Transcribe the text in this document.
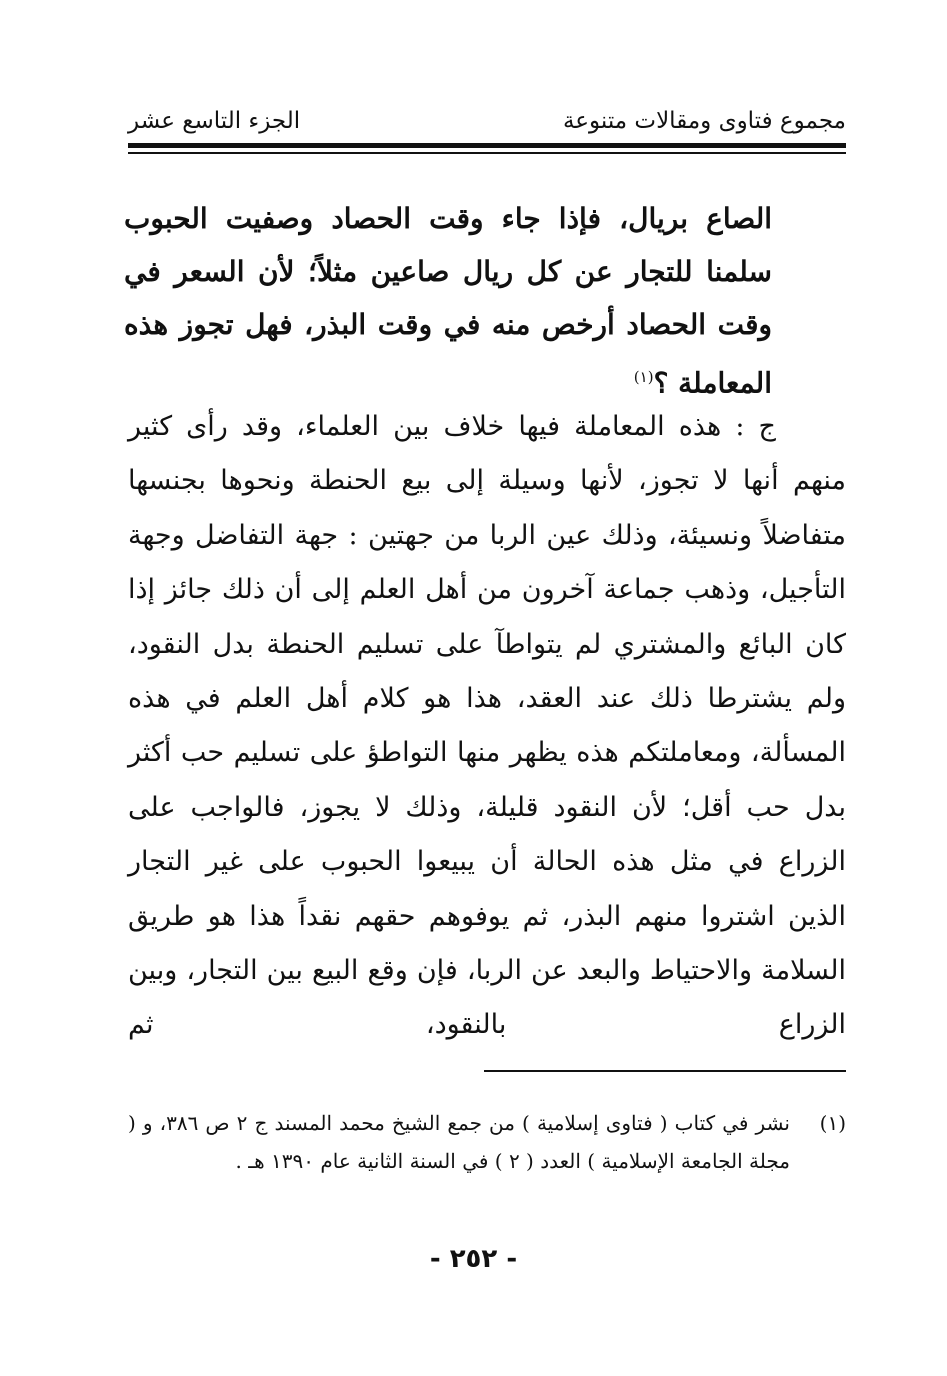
مجموع فتاوى ومقالات متنوعة
الجزء التاسع عشر
الصاع بريال، فإذا جاء وقت الحصاد وصفيت الحبوب سلمنا للتجار عن كل ريال صاعين مثلاً؛ لأن السعر في وقت الحصاد أرخص منه في وقت البذر، فهل تجوز هذه المعاملة ؟$^{(١)}$

ج : هذه المعاملة فيها خلاف بين العلماء، وقد رأى كثير منهم أنها لا تجوز، لأنها وسيلة إلى بيع الحنطة ونحوها بجنسها متفاضلاً ونسيئة، وذلك عين الربا من جهتين : جهة التفاضل وجهة التأجيل، وذهب جماعة آخرون من أهل العلم إلى أن ذلك جائز إذا كان البائع والمشتري لم يتواطآ على تسليم الحنطة بدل النقود، ولم يشترطا ذلك عند العقد، هذا هو كلام أهل العلم في هذه المسألة، ومعاملتكم هذه يظهر منها التواطؤ على تسليم حب أكثر بدل حب أقل؛ لأن النقود قليلة، وذلك لا يجوز، فالواجب على الزراع في مثل هذه الحالة أن يبيعوا الحبوب على غير التجار الذين اشتروا منهم البذر، ثم يوفوهم حقهم نقداً هذا هو طريق السلامة والاحتياط والبعد عن الربا، فإن وقع البيع بين التجار، وبين الزراع بالنقود، ثم

(١)
نشر في كتاب ( فتاوى إسلامية ) من جمع الشيخ محمد المسند ج ٢ ص ٣٨٦، و ( مجلة الجامعة الإسلامية ) العدد ( ٢ ) في السنة الثانية عام ١٣٩٠ هـ .
- ٢٥٢ -
